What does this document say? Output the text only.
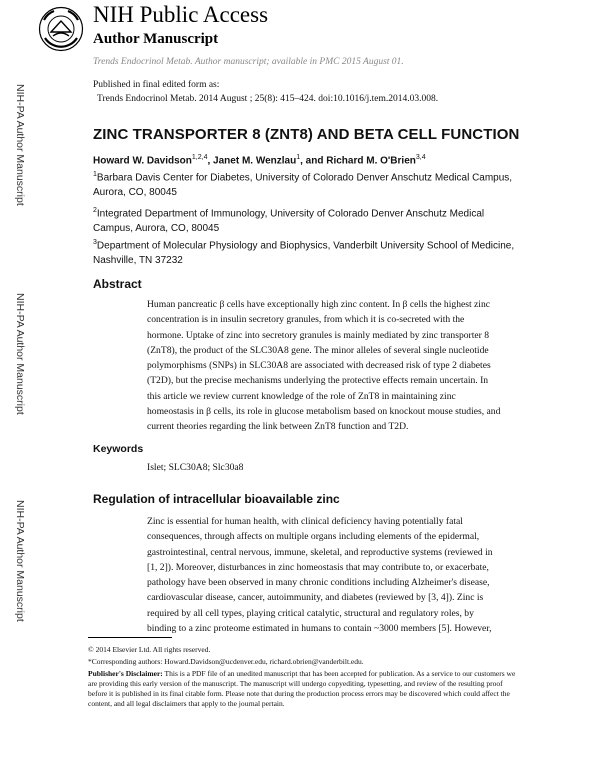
NIH-PA Author Manuscript
NIH-PA Author Manuscript
NIH-PA Author Manuscript
NIH Public Access
Author Manuscript
Trends Endocrinol Metab. Author manuscript; available in PMC 2015 August 01.
Published in final edited form as:
Trends Endocrinol Metab. 2014 August ; 25(8): 415–424. doi:10.1016/j.tem.2014.03.008.
ZINC TRANSPORTER 8 (ZNT8) AND BETA CELL FUNCTION
Howard W. Davidson$^{1,2,4}$, Janet M. Wenzlau$^1$, and Richard M. O'Brien$^{3,4}$
$^1$Barbara Davis Center for Diabetes, University of Colorado Denver Anschutz Medical Campus, Aurora, CO, 80045
$^2$Integrated Department of Immunology, University of Colorado Denver Anschutz Medical Campus, Aurora, CO, 80045
$^3$Department of Molecular Physiology and Biophysics, Vanderbilt University School of Medicine, Nashville, TN 37232
Abstract
Human pancreatic β cells have exceptionally high zinc content. In β cells the highest zinc concentration is in insulin secretory granules, from which it is co-secreted with the hormone. Uptake of zinc into secretory granules is mainly mediated by zinc transporter 8 (ZnT8), the product of the SLC30A8 gene. The minor alleles of several single nucleotide polymorphisms (SNPs) in SLC30A8 are associated with decreased risk of type 2 diabetes (T2D), but the precise mechanisms underlying the protective effects remain uncertain. In this article we review current knowledge of the role of ZnT8 in maintaining zinc homeostasis in β cells, its role in glucose metabolism based on knockout mouse studies, and current theories regarding the link between ZnT8 function and T2D.
Keywords
Islet; SLC30A8; Slc30a8
Regulation of intracellular bioavailable zinc
Zinc is essential for human health, with clinical deficiency having potentially fatal consequences, through affects on multiple organs including elements of the epidermal, gastrointestinal, central nervous, immune, skeletal, and reproductive systems (reviewed in [1, 2]). Moreover, disturbances in zinc homeostasis that may contribute to, or exacerbate, pathology have been observed in many chronic conditions including Alzheimer's disease, cardiovascular disease, cancer, autoimmunity, and diabetes (reviewed by [3, 4]). Zinc is required by all cell types, playing critical catalytic, structural and regulatory roles, by binding to a zinc proteome estimated in humans to contain ~3000 members [5]. However,
© 2014 Elsevier Ltd. All rights reserved.
*Corresponding authors: Howard.Davidson@ucdenver.edu, richard.obrien@vanderbilt.edu.
Publisher's Disclaimer: This is a PDF file of an unedited manuscript that has been accepted for publication. As a service to our customers we are providing this early version of the manuscript. The manuscript will undergo copyediting, typesetting, and review of the resulting proof before it is published in its final citable form. Please note that during the production process errors may be discovered which could affect the content, and all legal disclaimers that apply to the journal pertain.
